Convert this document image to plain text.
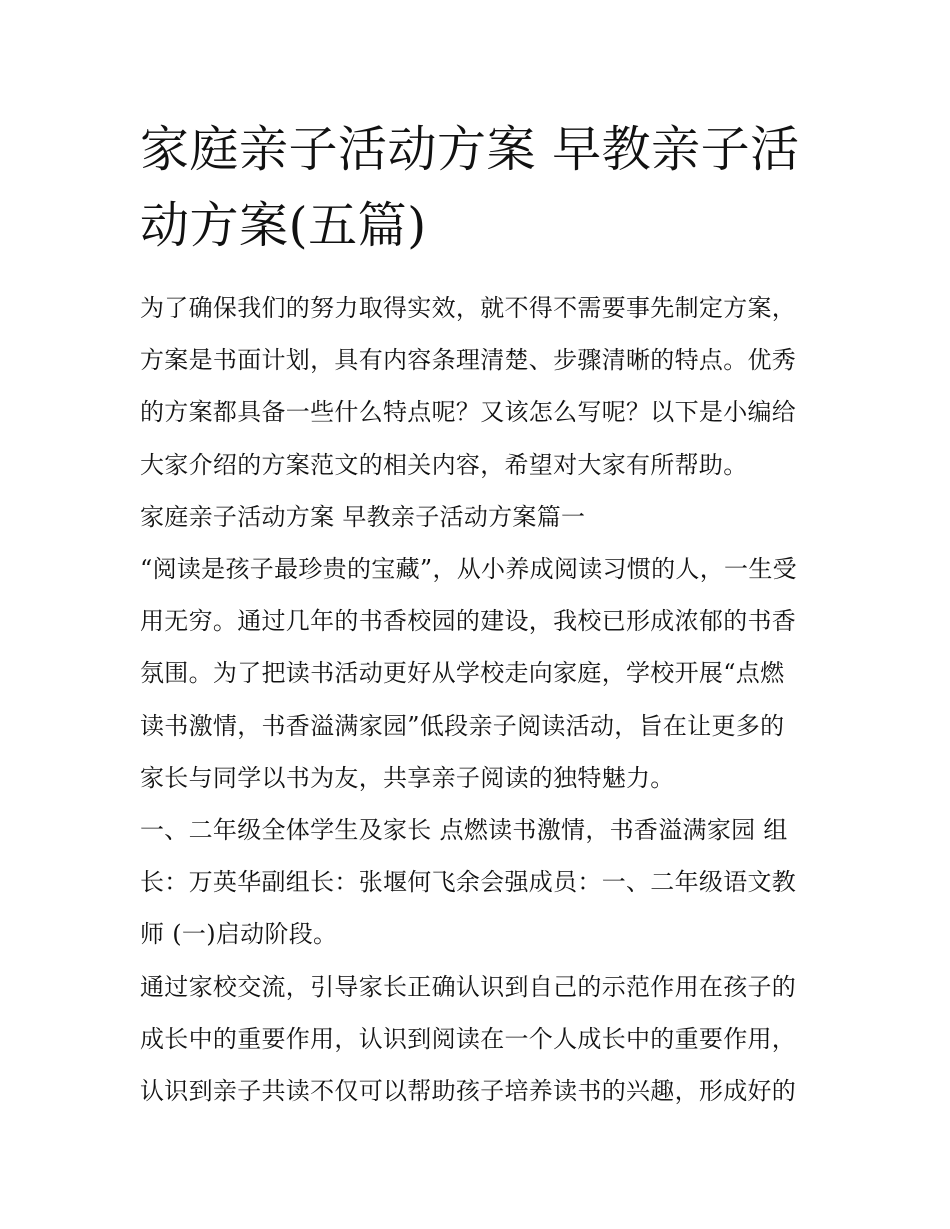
家庭亲子活动方案 早教亲子活
动方案(五篇)
为了确保我们的努力取得实效，就不得不需要事先制定方案，
方案是书面计划，具有内容条理清楚、步骤清晰的特点。优秀
的方案都具备一些什么特点呢？又该怎么写呢？以下是小编给
大家介绍的方案范文的相关内容，希望对大家有所帮助。
家庭亲子活动方案 早教亲子活动方案篇一
“阅读是孩子最珍贵的宝藏”，从小养成阅读习惯的人，一生受
用无穷。通过几年的书香校园的建设，我校已形成浓郁的书香
氛围。为了把读书活动更好从学校走向家庭，学校开展“点燃
读书激情，书香溢满家园”低段亲子阅读活动，旨在让更多的
家长与同学以书为友，共享亲子阅读的独特魅力。
一、二年级全体学生及家长 点燃读书激情，书香溢满家园 组
长：万英华副组长：张堰何飞余会强成员：一、二年级语文教
师 (一)启动阶段。
通过家校交流，引导家长正确认识到自己的示范作用在孩子的
成长中的重要作用，认识到阅读在一个人成长中的重要作用，
认识到亲子共读不仅可以帮助孩子培养读书的兴趣，形成好的
